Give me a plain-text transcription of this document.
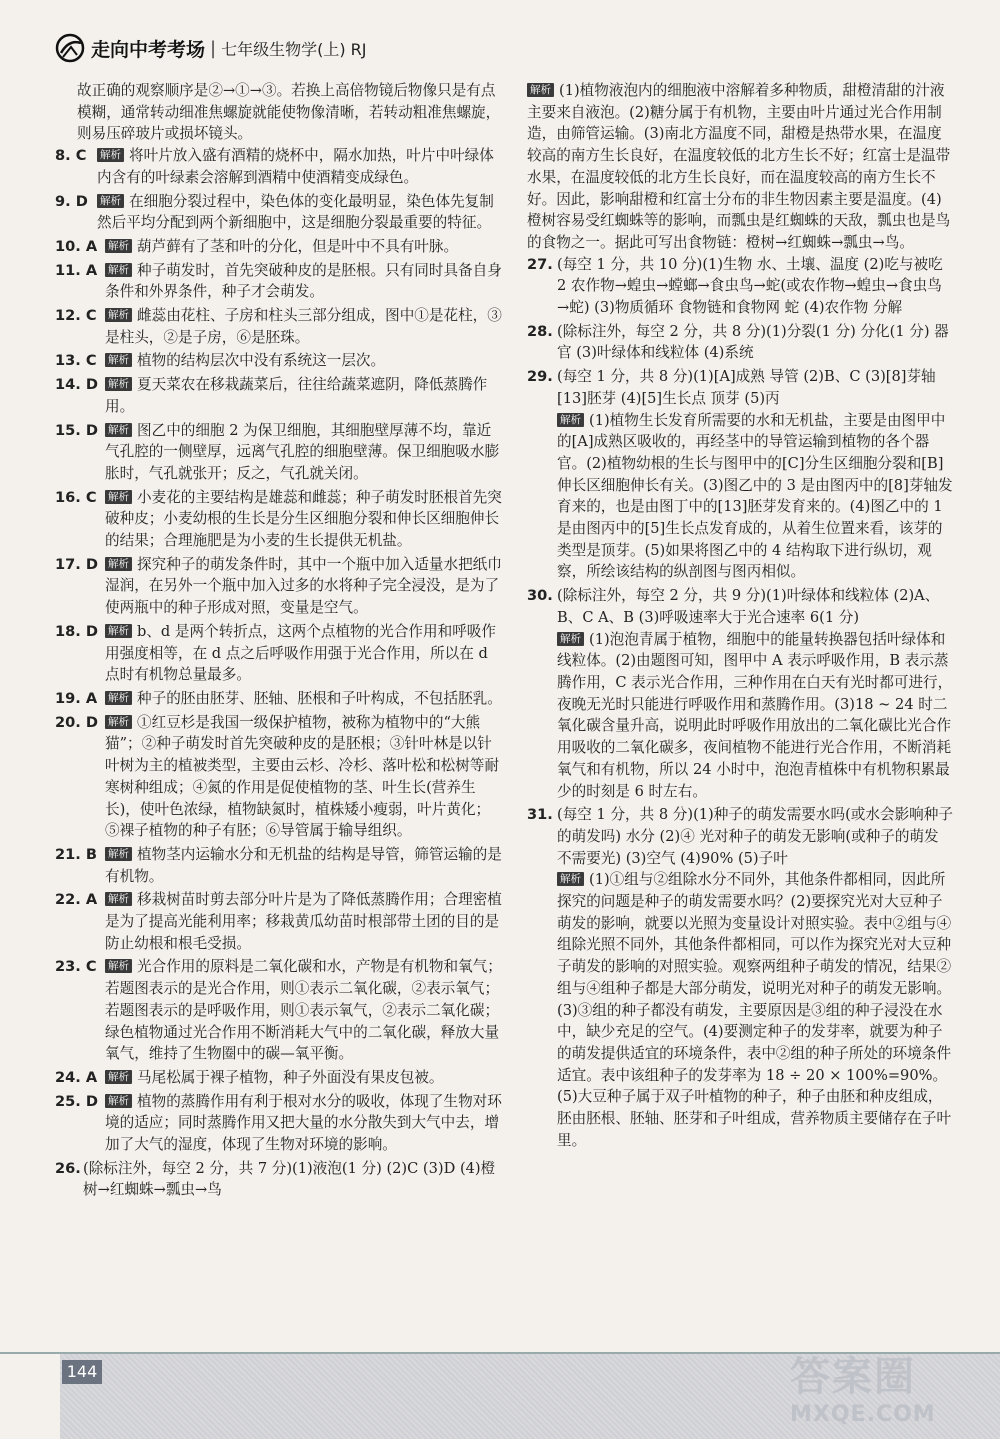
走向中考考场 | 七年级生物学(上) RJ
故正确的观察顺序是②→①→③。若换上高倍物镜后物像只是有点模糊，通常转动细准焦螺旋就能使物像清晰，若转动粗准焦螺旋，则易压碎玻片或损坏镜头。
8. C	解析 将叶片放入盛有酒精的烧杯中，隔水加热，叶片中叶绿体内含有的叶绿素会溶解到酒精中使酒精变成绿色。
9. D	解析 在细胞分裂过程中，染色体的变化最明显，染色体先复制然后平均分配到两个新细胞中，这是细胞分裂最重要的特征。
10. A	解析 葫芦藓有了茎和叶的分化，但是叶中不具有叶脉。
11. A	解析 种子萌发时，首先突破种皮的是胚根。只有同时具备自身条件和外界条件，种子才会萌发。
12. C	解析 雌蕊由花柱、子房和柱头三部分组成，图中①是花柱，③是柱头，②是子房，⑥是胚珠。
13. C	解析 植物的结构层次中没有系统这一层次。
14. D 解析 夏天菜农在移栽蔬菜后，往往给蔬菜遮阴，降低蒸腾作用。
15. D 解析 图乙中的细胞 2 为保卫细胞，其细胞壁厚薄不均，靠近气孔腔的一侧壁厚，远离气孔腔的细胞壁薄。保卫细胞吸水膨胀时，气孔就张开；反之，气孔就关闭。
16. C	解析 小麦花的主要结构是雄蕊和雌蕊；种子萌发时胚根首先突破种皮；小麦幼根的生长是分生区细胞分裂和伸长区细胞伸长的结果；合理施肥是为小麦的生长提供无机盐。
17. D 解析 探究种子的萌发条件时，其中一个瓶中加入适量水把纸巾湿润，在另外一个瓶中加入过多的水将种子完全浸没，是为了使两瓶中的种子形成对照，变量是空气。
18. D 解析 b、d 是两个转折点，这两个点植物的光合作用和呼吸作用强度相等，在 d 点之后呼吸作用强于光合作用，所以在 d 点时有机物总量最多。
19. A	解析 种子的胚由胚芽、胚轴、胚根和子叶构成，不包括胚乳。
20. D 解析 ①红豆杉是我国一级保护植物，被称为植物中的“大熊猫”；②种子萌发时首先突破种皮的是胚根；③针叶林是以针叶树为主的植被类型，主要由云杉、冷杉、落叶松和松树等耐寒树种组成；④氮的作用是促使植物的茎、叶生长(营养生长)，使叶色浓绿，植物缺氮时，植株矮小瘦弱，叶片黄化；⑤裸子植物的种子有胚；⑥导管属于输导组织。
21. B	解析 植物茎内运输水分和无机盐的结构是导管，筛管运输的是有机物。
22. A	解析 移栽树苗时剪去部分叶片是为了降低蒸腾作用；合理密植是为了提高光能利用率；移栽黄瓜幼苗时根部带土团的目的是防止幼根和根毛受损。
23. C	解析 光合作用的原料是二氧化碳和水，产物是有机物和氧气；若题图表示的是光合作用，则①表示二氧化碳，②表示氧气；若题图表示的是呼吸作用，则①表示氧气，②表示二氧化碳；绿色植物通过光合作用不断消耗大气中的二氧化碳，释放大量氧气，维持了生物圈中的碳—氧平衡。
24. A	解析 马尾松属于裸子植物，种子外面没有果皮包被。
25. D 解析 植物的蒸腾作用有利于根对水分的吸收，体现了生物对环境的适应；同时蒸腾作用又把大量的水分散失到大气中去，增加了大气的湿度，体现了生物对环境的影响。
26. (除标注外，每空 2 分，共 7 分)(1)液泡(1 分) (2)C (3)D (4)橙树→红蜘蛛→瓢虫→鸟
解析 (1)植物液泡内的细胞液中溶解着多种物质，甜橙清甜的汁液主要来自液泡。(2)糖分属于有机物，主要由叶片通过光合作用制造，由筛管运输。(3)南北方温度不同，甜橙是热带水果，在温度较高的南方生长良好，在温度较低的北方生长不好；红富士是温带水果，在温度较低的北方生长良好，而在温度较高的南方生长不好。因此，影响甜橙和红富士分布的非生物因素主要是温度。(4)橙树容易受红蜘蛛等的影响，而瓢虫是红蜘蛛的天敌，瓢虫也是鸟的食物之一。据此可写出食物链：橙树→红蜘蛛→瓢虫→鸟。
27. (每空 1 分，共 10 分)(1)生物 水、土壤、温度 (2)吃与被吃 2 农作物→蝗虫→螳螂→食虫鸟→蛇(或农作物→蝗虫→食虫鸟→蛇) (3)物质循环 食物链和食物网 蛇 (4)农作物 分解
28. (除标注外，每空 2 分，共 8 分)(1)分裂(1 分) 分化(1 分) 器官 (3)叶绿体和线粒体 (4)系统
29. (每空 1 分，共 8 分)(1)[A]成熟 导管 (2)B、C (3)[8]芽轴 [13]胚芽 (4)[5]生长点 顶芽 (5)丙
解析 (1)植物生长发育所需要的水和无机盐，主要是由图甲中的[A]成熟区吸收的，再经茎中的导管运输到植物的各个器官。(2)植物幼根的生长与图甲中的[C]分生区细胞分裂和[B]伸长区细胞伸长有关。(3)图乙中的 3 是由图丙中的[8]芽轴发育来的，也是由图丁中的[13]胚芽发育来的。(4)图乙中的 1 是由图丙中的[5]生长点发育成的，从着生位置来看，该芽的类型是顶芽。(5)如果将图乙中的 4 结构取下进行纵切，观察，所绘该结构的纵剖图与图丙相似。
30. (除标注外，每空 2 分，共 9 分)(1)叶绿体和线粒体 (2)A、B、C A、B (3)呼吸速率大于光合速率 6(1 分)
解析 (1)泡泡青属于植物，细胞中的能量转换器包括叶绿体和线粒体。(2)由题图可知，图甲中 A 表示呼吸作用，B 表示蒸腾作用，C 表示光合作用，三种作用在白天有光时都可进行，夜晚无光时只能进行呼吸作用和蒸腾作用。(3)18 ~ 24 时二氧化碳含量升高，说明此时呼吸作用放出的二氧化碳比光合作用吸收的二氧化碳多，夜间植物不能进行光合作用，不断消耗氧气和有机物，所以 24 小时中，泡泡青植株中有机物积累最少的时刻是 6 时左右。
31. (每空 1 分，共 8 分)(1)种子的萌发需要水吗(或水会影响种子的萌发吗) 水分 (2)④ 光对种子的萌发无影响(或种子的萌发不需要光) (3)空气 (4)90% (5)子叶
解析 (1)①组与②组除水分不同外，其他条件都相同，因此所探究的问题是种子的萌发需要水吗？(2)要探究光对大豆种子萌发的影响，就要以光照为变量设计对照实验。表中②组与④组除光照不同外，其他条件都相同，可以作为探究光对大豆种子萌发的影响的对照实验。观察两组种子萌发的情况，结果②组与④组种子都是大部分萌发，说明光对种子的萌发无影响。(3)③组的种子都没有萌发，主要原因是③组的种子浸没在水中，缺少充足的空气。(4)要测定种子的发芽率，就要为种子的萌发提供适宜的环境条件，表中②组的种子所处的环境条件适宜。表中该组种子的发芽率为 18 ÷ 20 × 100%=90%。(5)大豆种子属于双子叶植物的种子，种子由胚和种皮组成，胚由胚根、胚轴、胚芽和子叶组成，营养物质主要储存在子叶里。
144	答案圈
MXQE.COM
